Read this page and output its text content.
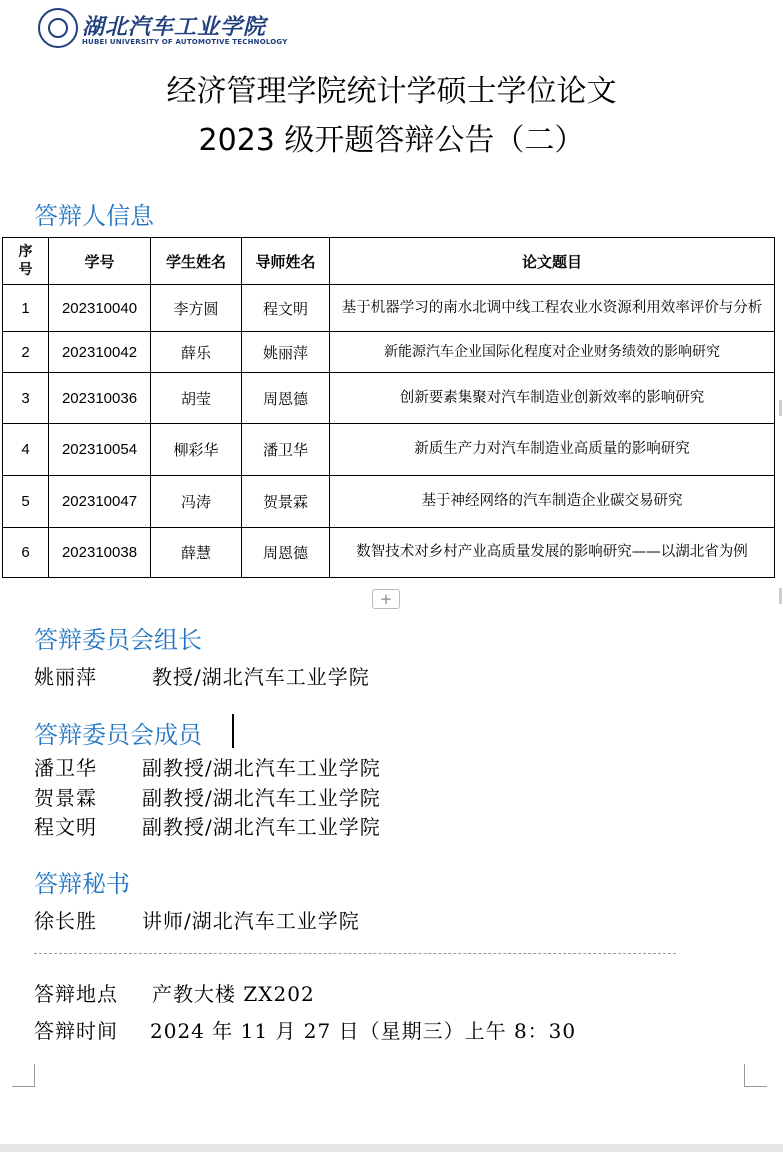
湖北汽车工业学院
HUBEI UNIVERSITY OF AUTOMOTIVE TECHNOLOGY
经济管理学院统计学硕士学位论文
2023 级开题答辩公告（二）
答辩人信息
序号	学号	学生姓名	导师姓名	论文题目
1	202310040	李方圆	程文明	基于机器学习的南水北调中线工程农业水资源利用效率评价与分析
2	202310042	薛乐	姚丽萍	新能源汽车企业国际化程度对企业财务绩效的影响研究
3	202310036	胡莹	周恩德	创新要素集聚对汽车制造业创新效率的影响研究
4	202310054	柳彩华	潘卫华	新质生产力对汽车制造业高质量的影响研究
5	202310047	冯涛	贺景霖	基于神经网络的汽车制造企业碳交易研究
6	202310038	薛慧	周恩德	数智技术对乡村产业高质量发展的影响研究——以湖北省为例
+
答辩委员会组长
姚丽萍	教授/湖北汽车工业学院
答辩委员会成员
潘卫华 副教授/湖北汽车工业学院
贺景霖 副教授/湖北汽车工业学院
程文明 副教授/湖北汽车工业学院
答辩秘书
徐长胜 讲师/湖北汽车工业学院
答辩地点 产教大楼 ZX202
答辩时间 2024 年 11 月 27 日（星期三）上午 8：30
